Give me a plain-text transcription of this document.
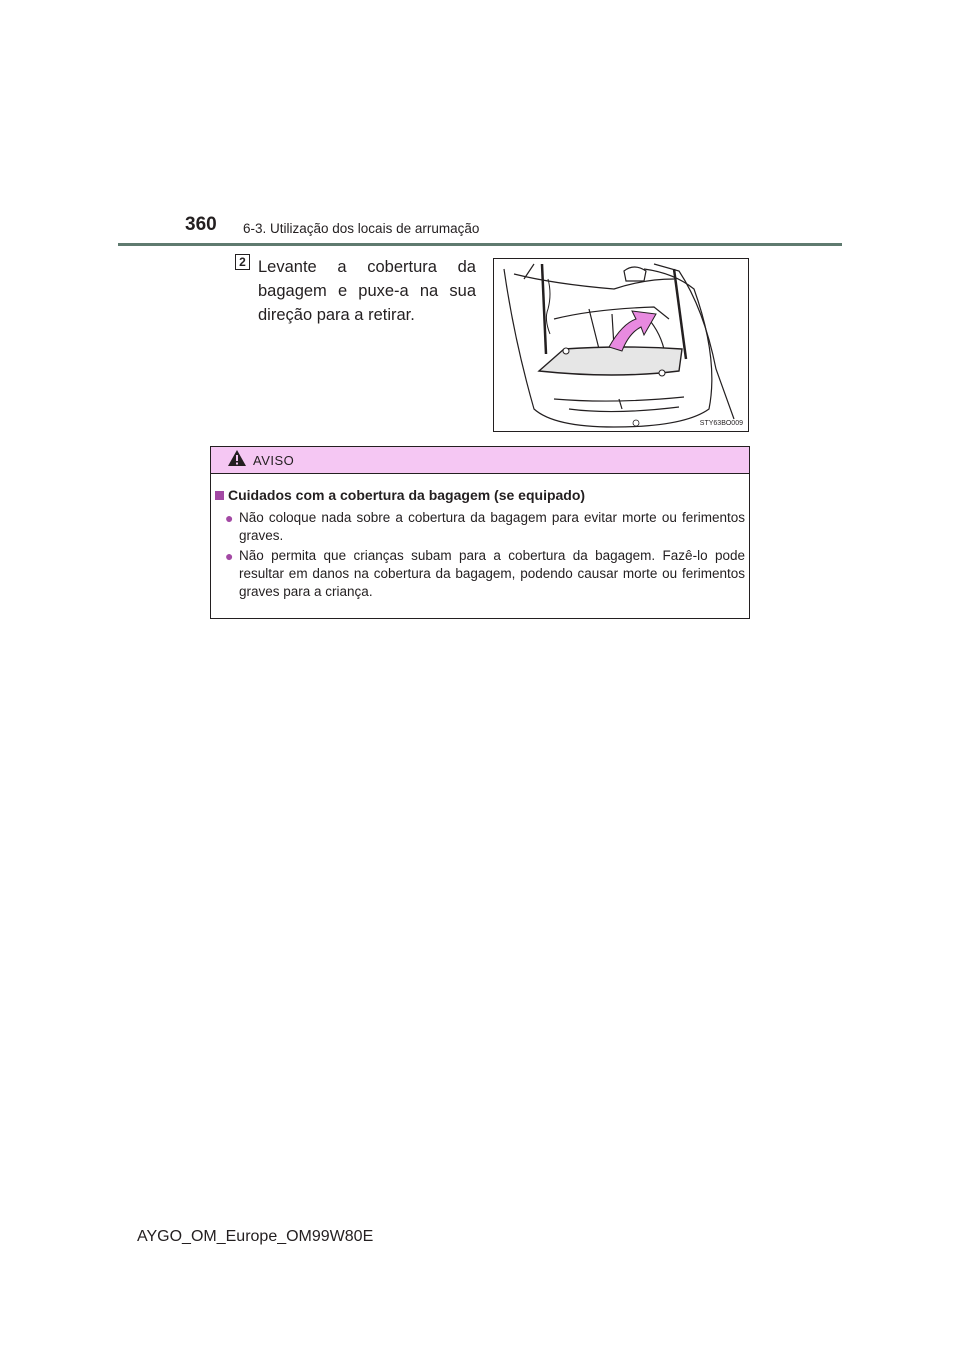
360 6-3. Utilização dos locais de arrumação
2 Levante a cobertura da bagagem e puxe-a na sua direção para a retirar.
STY63BO009
AVISO
Cuidados com a cobertura da bagagem (se equipado)
●
Não coloque nada sobre a cobertura da bagagem para evitar morte ou ferimentos graves.
●
Não permita que crianças subam para a cobertura da bagagem. Fazê-lo pode resultar em danos na cobertura da bagagem, podendo causar morte ou ferimentos graves para a criança.
AYGO_OM_Europe_OM99W80E
